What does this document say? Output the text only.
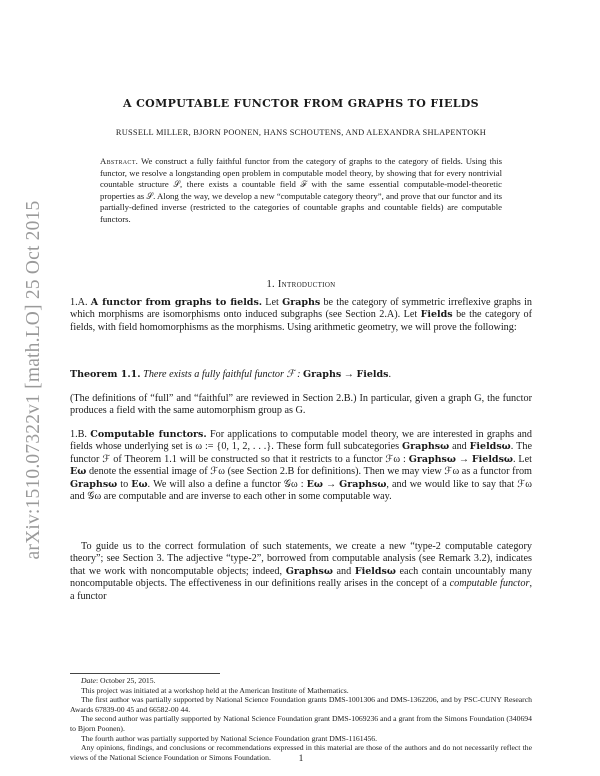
arXiv:1510.07322v1 [math.LO] 25 Oct 2015
A COMPUTABLE FUNCTOR FROM GRAPHS TO FIELDS
RUSSELL MILLER, BJORN POONEN, HANS SCHOUTENS, AND ALEXANDRA SHLAPENTOKH
Abstract. We construct a fully faithful functor from the category of graphs to the category of fields. Using this functor, we resolve a longstanding open problem in computable model theory, by showing that for every nontrivial countable structure 𝒮, there exists a countable field ℱ with the same essential computable-model-theoretic properties as 𝒮. Along the way, we develop a new “computable category theory”, and prove that our functor and its partially-defined inverse (restricted to the categories of countable graphs and countable fields) are computable functors.
1. Introduction
1.A. A functor from graphs to fields. Let Graphs be the category of symmetric irreflexive graphs in which morphisms are isomorphisms onto induced subgraphs (see Section 2.A). Let Fields be the category of fields, with field homomorphisms as the morphisms. Using arithmetic geometry, we will prove the following:
Theorem 1.1. There exists a fully faithful functor ℱ : Graphs → Fields.
(The definitions of “full” and “faithful” are reviewed in Section 2.B.) In particular, given a graph G, the functor produces a field with the same automorphism group as G.
1.B. Computable functors. For applications to computable model theory, we are interested in graphs and fields whose underlying set is ω := {0, 1, 2, . . .}. These form full subcategories Graphsω and Fieldsω. The functor ℱ of Theorem 1.1 will be constructed so that it restricts to a functor ℱω : Graphsω → Fieldsω. Let Eω denote the essential image of ℱω (see Section 2.B for definitions). Then we may view ℱω as a functor from Graphsω to Eω. We will also a define a functor 𝒢ω : Eω → Graphsω, and we would like to say that ℱω and 𝒢ω are computable and are inverse to each other in some computable way.
To guide us to the correct formulation of such statements, we create a new “type-2 computable category theory”; see Section 3. The adjective “type-2”, borrowed from computable analysis (see Remark 3.2), indicates that we work with noncomputable objects; indeed, Graphsω and Fieldsω each contain uncountably many noncomputable objects. The effectiveness in our definitions really arises in the concept of a computable functor, a functor

Date: October 25, 2015.

This project was initiated at a workshop held at the American Institute of Mathematics.

The first author was partially supported by National Science Foundation grants DMS-1001306 and DMS-1362206, and by PSC-CUNY Research Awards 67839-00 45 and 66582-00 44.

The second author was partially supported by National Science Foundation grant DMS-1069236 and a grant from the Simons Foundation (340694 to Bjorn Poonen).

The fourth author was partially supported by National Science Foundation grant DMS-1161456.

Any opinions, findings, and conclusions or recommendations expressed in this material are those of the authors and do not necessarily reflect the views of the National Science Foundation or Simons Foundation.	1
